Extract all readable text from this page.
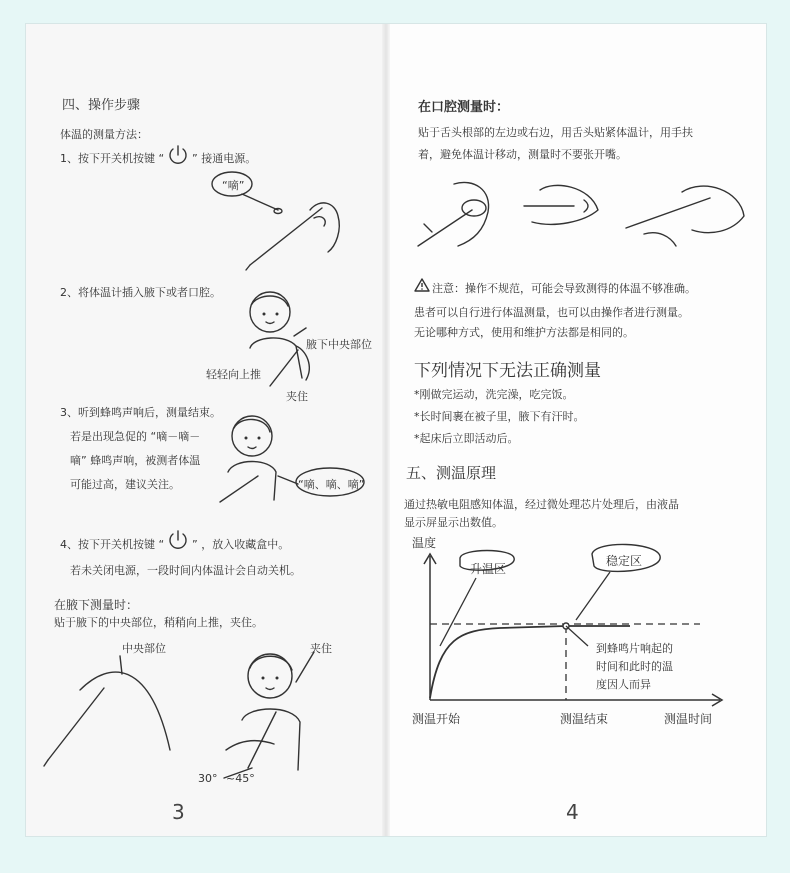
四、操作步骤
体温的测量方法：
1、按下开关机按键 “	” 接通电源。
“嘀”
2、将体温计插入腋下或者口腔。
腋下中央部位
轻轻向上推
夹住
3、听到蜂鸣声响后，测量结束。
若是出现急促的 “嘀－嘀－
嘀” 蜂鸣声响，被测者体温
可能过高，建议关注。	“嘀、嘀、嘀”
4、按下开关机按键 “	” ，放入收藏盒中。
若未关闭电源，一段时间内体温计会自动关机。
在腋下测量时：
贴于腋下的中央部位，稍稍向上推，夹住。
中央部位	夹住
30° ~45°
3
在口腔测量时：
贴于舌头根部的左边或右边，用舌头贴紧体温计，用手扶
着，避免体温计移动，测量时不要张开嘴。
注意：操作不规范，可能会导致测得的体温不够准确。
患者可以自行进行体温测量，也可以由操作者进行测量。
无论哪种方式，使用和维护方法都是相同的。
下列情况下无法正确测量
*刚做完运动，洗完澡，吃完饭。
*长时间裹在被子里，腋下有汗时。
*起床后立即活动后。
五、测温原理
通过热敏电阻感知体温，经过微处理芯片处理后，由液晶
显示屏显示出数值。
温度
升温区
稳定区
到蜂鸣片响起的
时间和此时的温
度因人而异
测温开始	测温结束	测温时间
4
